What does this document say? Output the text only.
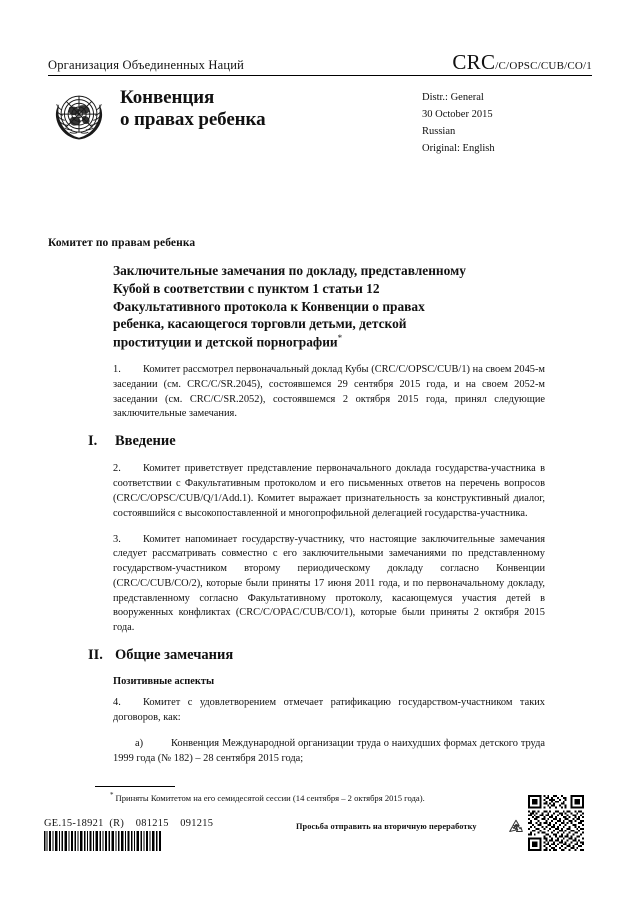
Организация Объединенных Наций	CRC/C/OPSC/CUB/CO/1
Конвенция
о правах ребенка
Distr.: General
30 October 2015
Russian
Original: English
Комитет по правам ребенка
Заключительные замечания по докладу, представленному
Кубой в соответствии с пунктом 1 статьи 12
Факультативного протокола к Конвенции о правах
ребенка, касающегося торговли детьми, детской
проституции и детской порнографии*

1. Комитет рассмотрел первоначальный доклад Кубы (CRC/C/OPSC/CUB/1) на своем 2045-м заседании (см. CRC/C/SR.2045), состоявшемся 29 сентября 2015 года, и на своем 2052-м заседании (см. CRC/C/SR.2052), состоявшемся 2 октября 2015 года, принял следующие заключительные замечания.

I. Введение

2. Комитет приветствует представление первоначального доклада государства-участника в соответствии с Факультативным протоколом и его письменных ответов на перечень вопросов (CRC/C/OPSC/CUB/Q/1/Add.1). Комитет выражает признательность за конструктивный диалог, состоявшийся с высокопоставленной и многопрофильной делегацией государства-участника.

3. Комитет напоминает государству-участнику, что настоящие заключительные замечания следует рассматривать совместно с его заключительными замечаниями по представленному государством-участником второму периодическому докладу согласно Конвенции (CRC/C/CUB/CO/2), которые были приняты 17 июня 2011 года, и по первоначальному докладу, представленному согласно Факультативному протоколу, касающемуся участия детей в вооруженных конфликтах (CRC/C/OPAC/CUB/CO/1), которые были приняты 2 октября 2015 года.

II. Общие замечания
Позитивные аспекты

4. Комитет с удовлетворением отмечает ратификацию государством-участником таких договоров, как:

a)	Конвенция Международной организации труда о наихудших формах детского труда 1999 года (№ 182) – 28 сентября 2015 года;

* Приняты Комитетом на его семидесятой сессии (14 сентября – 2 октября 2015 года).
GE.15-18921  (R)    081215    091215	Просьба отправить на вторичную переработку
